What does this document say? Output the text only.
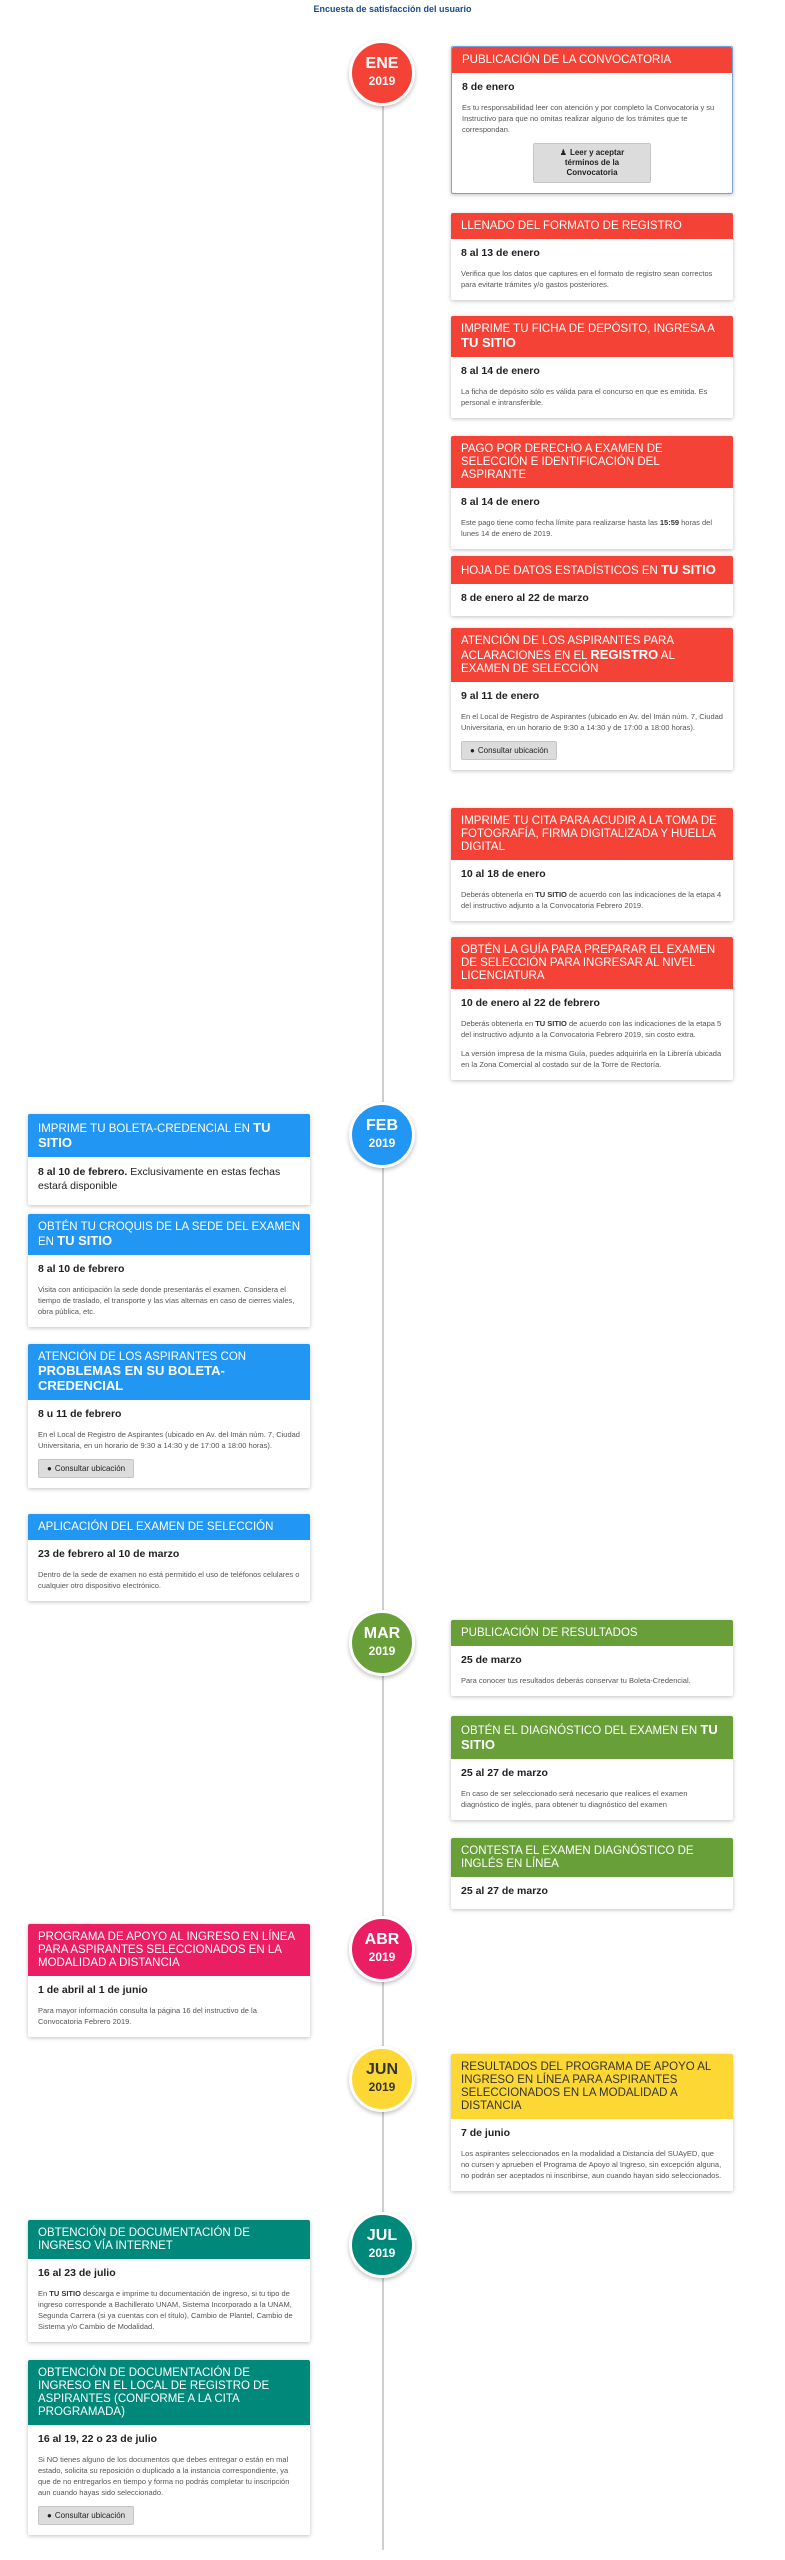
Encuesta de satisfacción del usuario
ENE
2019
PUBLICACIÓN DE LA CONVOCATORIA
8 de enero
Es tu responsabilidad leer con atención y por completo la Convocatoria y su Instructivo para que no omitas realizar alguno de los trámites que te correspondan.
♟ Leer y aceptar términos de la Convocatoria
LLENADO DEL FORMATO DE REGISTRO
8 al 13 de enero
Verifica que los datos que captures en el formato de registro sean correctos para evitarte trámites y/o gastos posteriores.
IMPRIME TU FICHA DE DEPÓSITO, INGRESA A TU SITIO
8 al 14 de enero
La ficha de depósito sólo es válida para el concurso en que es emitida. Es personal e intransferible.
PAGO POR DERECHO A EXAMEN DE SELECCIÓN E IDENTIFICACIÓN DEL ASPIRANTE
8 al 14 de enero
Este pago tiene como fecha límite para realizarse hasta las 15:59 horas del lunes 14 de enero de 2019.
HOJA DE DATOS ESTADÍSTICOS EN TU SITIO
8 de enero al 22 de marzo
ATENCIÓN DE LOS ASPIRANTES PARA ACLARACIONES EN EL REGISTRO AL EXAMEN DE SELECCIÓN
9 al 11 de enero
En el Local de Registro de Aspirantes (ubicado en Av. del Imán núm. 7, Ciudad Universitaria, en un horario de 9:30 a 14:30 y de 17:00 a 18:00 horas).
● Consultar ubicación
IMPRIME TU CITA PARA ACUDIR A LA TOMA DE FOTOGRAFÍA, FIRMA DIGITALIZADA Y HUELLA DIGITAL
10 al 18 de enero
Deberás obtenerla en TU SITIO de acuerdo con las indicaciones de la etapa 4 del instructivo adjunto a la Convocatoria Febrero 2019.
OBTÉN LA GUÍA PARA PREPARAR EL EXAMEN DE SELECCIÓN PARA INGRESAR AL NIVEL LICENCIATURA
10 de enero al 22 de febrero
Deberás obtenerla en TU SITIO de acuerdo con las indicaciones de la etapa 5 del instructivo adjunto a la Convocatoria Febrero 2019, sin costo extra.
La versión impresa de la misma Guía, puedes adquirirla en la Librería ubicada en la Zona Comercial al costado sur de la Torre de Rectoría.
FEB
2019
IMPRIME TU BOLETA-CREDENCIAL EN TU SITIO
8 al 10 de febrero. Exclusivamente en estas fechas estará disponible
OBTÉN TU CROQUIS DE LA SEDE DEL EXAMEN EN TU SITIO
8 al 10 de febrero
Visita con anticipación la sede donde presentarás el examen. Considera el tiempo de traslado, el transporte y las vías alternas en caso de cierres viales, obra pública, etc.
ATENCIÓN DE LOS ASPIRANTES CON PROBLEMAS EN SU BOLETA-CREDENCIAL
8 u 11 de febrero
En el Local de Registro de Aspirantes (ubicado en Av. del Imán núm. 7, Ciudad Universitaria, en un horario de 9:30 a 14:30 y de 17:00 a 18:00 horas).
● Consultar ubicación
APLICACIÓN DEL EXAMEN DE SELECCIÓN
23 de febrero al 10 de marzo
Dentro de la sede de examen no está permitido el uso de teléfonos celulares o cualquier otro dispositivo electrónico.
MAR
2019
PUBLICACIÓN DE RESULTADOS
25 de marzo
Para conocer tus resultados deberás conservar tu Boleta-Credencial.
OBTÉN EL DIAGNÓSTICO DEL EXAMEN EN TU SITIO
25 al 27 de marzo
En caso de ser seleccionado será necesario que realices el examen diagnóstico de inglés, para obtener tu diagnóstico del examen
CONTESTA EL EXAMEN DIAGNÓSTICO DE INGLÉS EN LÍNEA
25 al 27 de marzo
ABR
2019
PROGRAMA DE APOYO AL INGRESO EN LÍNEA PARA ASPIRANTES SELECCIONADOS EN LA MODALIDAD A DISTANCIA
1 de abril al 1 de junio
Para mayor información consulta la página 16 del instructivo de la Convocatoria Febrero 2019.
JUN
2019
RESULTADOS DEL PROGRAMA DE APOYO AL INGRESO EN LÍNEA PARA ASPIRANTES SELECCIONADOS EN LA MODALIDAD A DISTANCIA
7 de junio
Los aspirantes seleccionados en la modalidad a Distancia del SUAyED, que no cursen y aprueben el Programa de Apoyo al Ingreso, sin excepción alguna, no podrán ser aceptados ni inscribirse, aun cuando hayan sido seleccionados.
JUL
2019
OBTENCIÓN DE DOCUMENTACIÓN DE INGRESO VÍA INTERNET
16 al 23 de julio
En TU SITIO descarga e imprime tu documentación de ingreso, si tu tipo de ingreso corresponde a Bachillerato UNAM, Sistema Incorporado a la UNAM, Segunda Carrera (si ya cuentas con el título), Cambio de Plantel, Cambio de Sistema y/o Cambio de Modalidad.
OBTENCIÓN DE DOCUMENTACIÓN DE INGRESO EN EL LOCAL DE REGISTRO DE ASPIRANTES (CONFORME A LA CITA PROGRAMADA)
16 al 19, 22 o 23 de julio
Si NO tienes alguno de los documentos que debes entregar o están en mal estado, solicita su reposición o duplicado a la instancia correspondiente, ya que de no entregarlos en tiempo y forma no podrás completar tu inscripción aun cuando hayas sido seleccionado.
● Consultar ubicación
